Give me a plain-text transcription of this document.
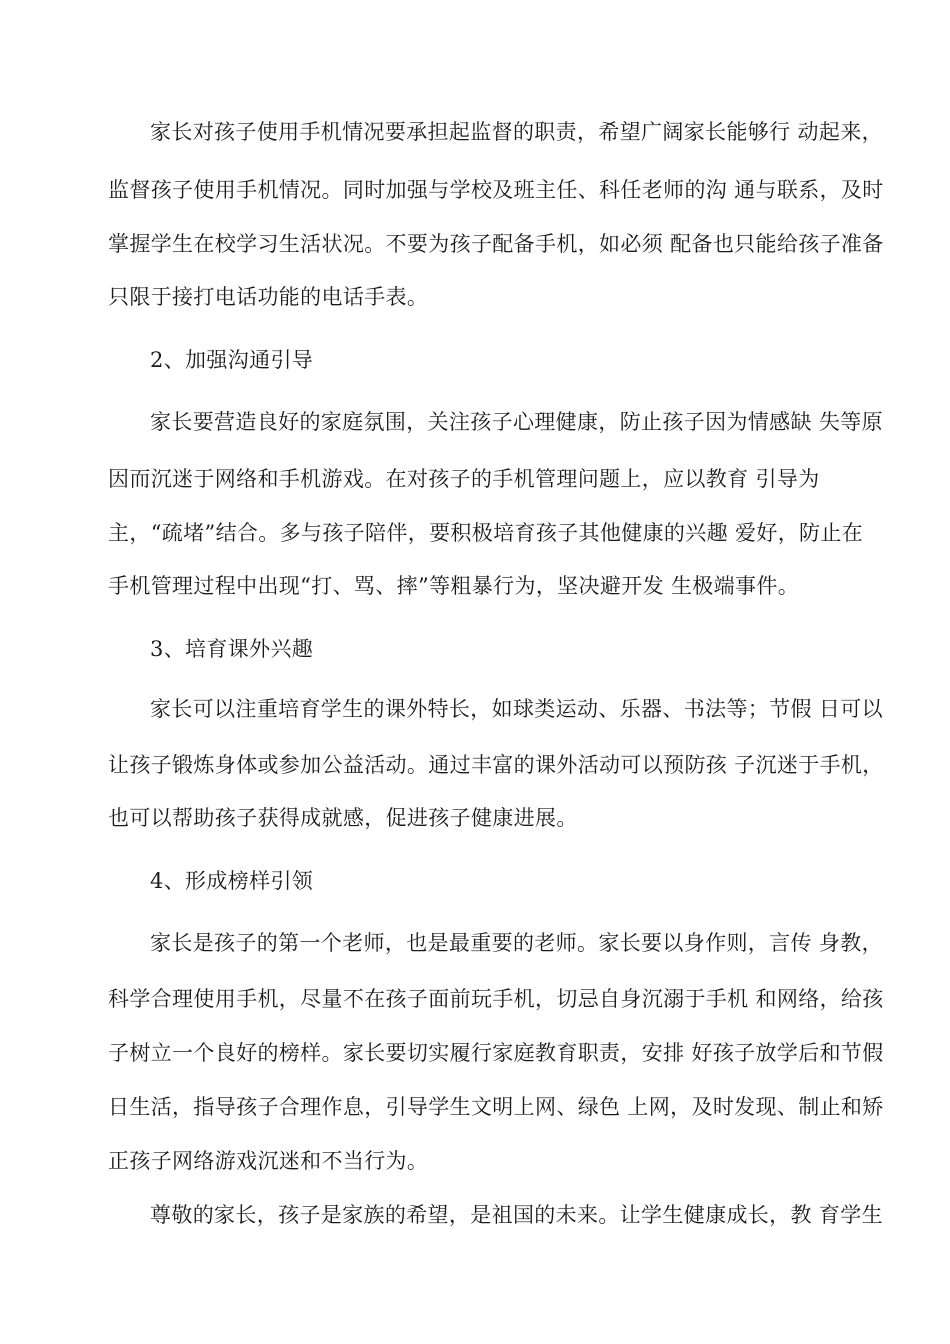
家长对孩子使用手机情况要承担起监督的职责，希望广阔家长能够行 动起来，
监督孩子使用手机情况。同时加强与学校及班主任、科任老师的沟 通与联系，及时
掌握学生在校学习生活状况。不要为孩子配备手机，如必须 配备也只能给孩子准备
只限于接打电话功能的电话手表。
2、加强沟通引导
家长要营造良好的家庭氛围，关注孩子心理健康，防止孩子因为情感缺 失等原
因而沉迷于网络和手机游戏。在对孩子的手机管理问题上，应以教育 引导为
主，“疏堵”结合。多与孩子陪伴，要积极培育孩子其他健康的兴趣 爱好，防止在
手机管理过程中出现“打、骂、摔”等粗暴行为，坚决避开发 生极端事件。
3、培育课外兴趣
家长可以注重培育学生的课外特长，如球类运动、乐器、书法等；节假 日可以
让孩子锻炼身体或参加公益活动。通过丰富的课外活动可以预防孩 子沉迷于手机，
也可以帮助孩子获得成就感，促进孩子健康进展。
4、形成榜样引领
家长是孩子的第一个老师，也是最重要的老师。家长要以身作则，言传 身教，
科学合理使用手机，尽量不在孩子面前玩手机，切忌自身沉溺于手机 和网络，给孩
子树立一个良好的榜样。家长要切实履行家庭教育职责，安排 好孩子放学后和节假
日生活，指导孩子合理作息，引导学生文明上网、绿色 上网，及时发现、制止和矫
正孩子网络游戏沉迷和不当行为。
尊敬的家长，孩子是家族的希望，是祖国的未来。让学生健康成长，教 育学生
